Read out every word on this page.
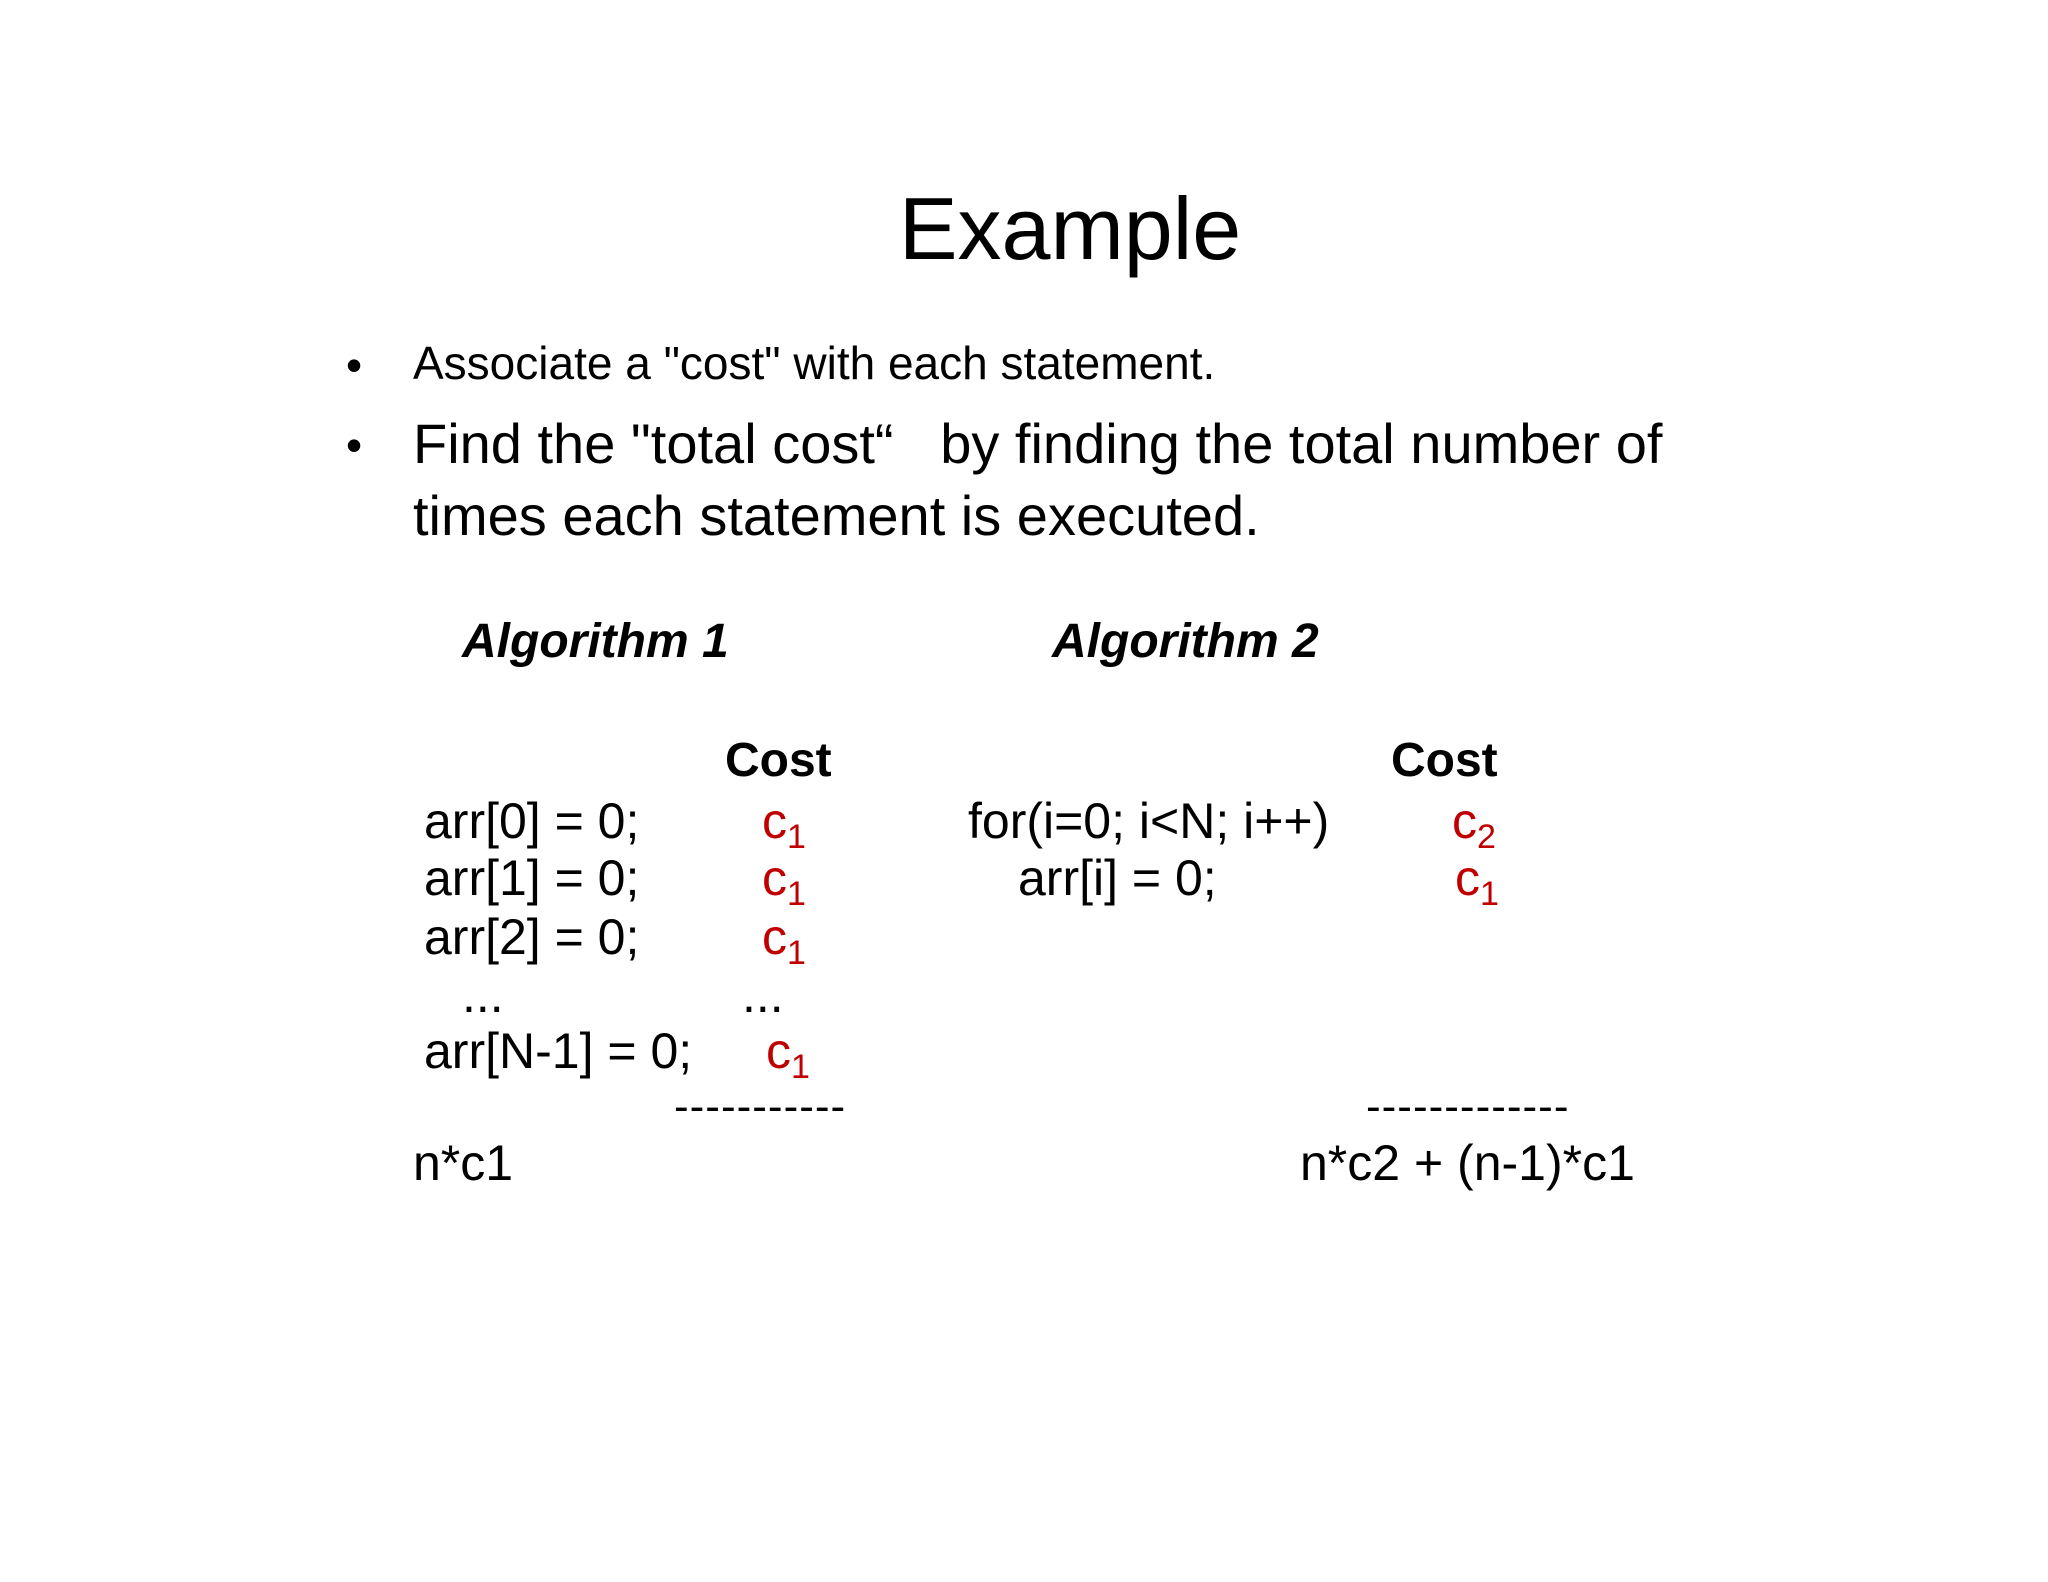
Example
• Associate a "cost" with each statement.
• Find the "total cost“   by finding the total number of
times each statement is executed.
Algorithm 1	Algorithm 2
Cost
arr[0] = 0; $c_1$
arr[1] = 0; $c_1$
arr[2] = 0; $c_1$
...	...
arr[N-1] = 0; $c_1$
-----------
n*c1
Cost
for(i=0; i<N; i++) $c_2$
arr[i] = 0;	$c_1$
-------------
n*c2 + (n-1)*c1
